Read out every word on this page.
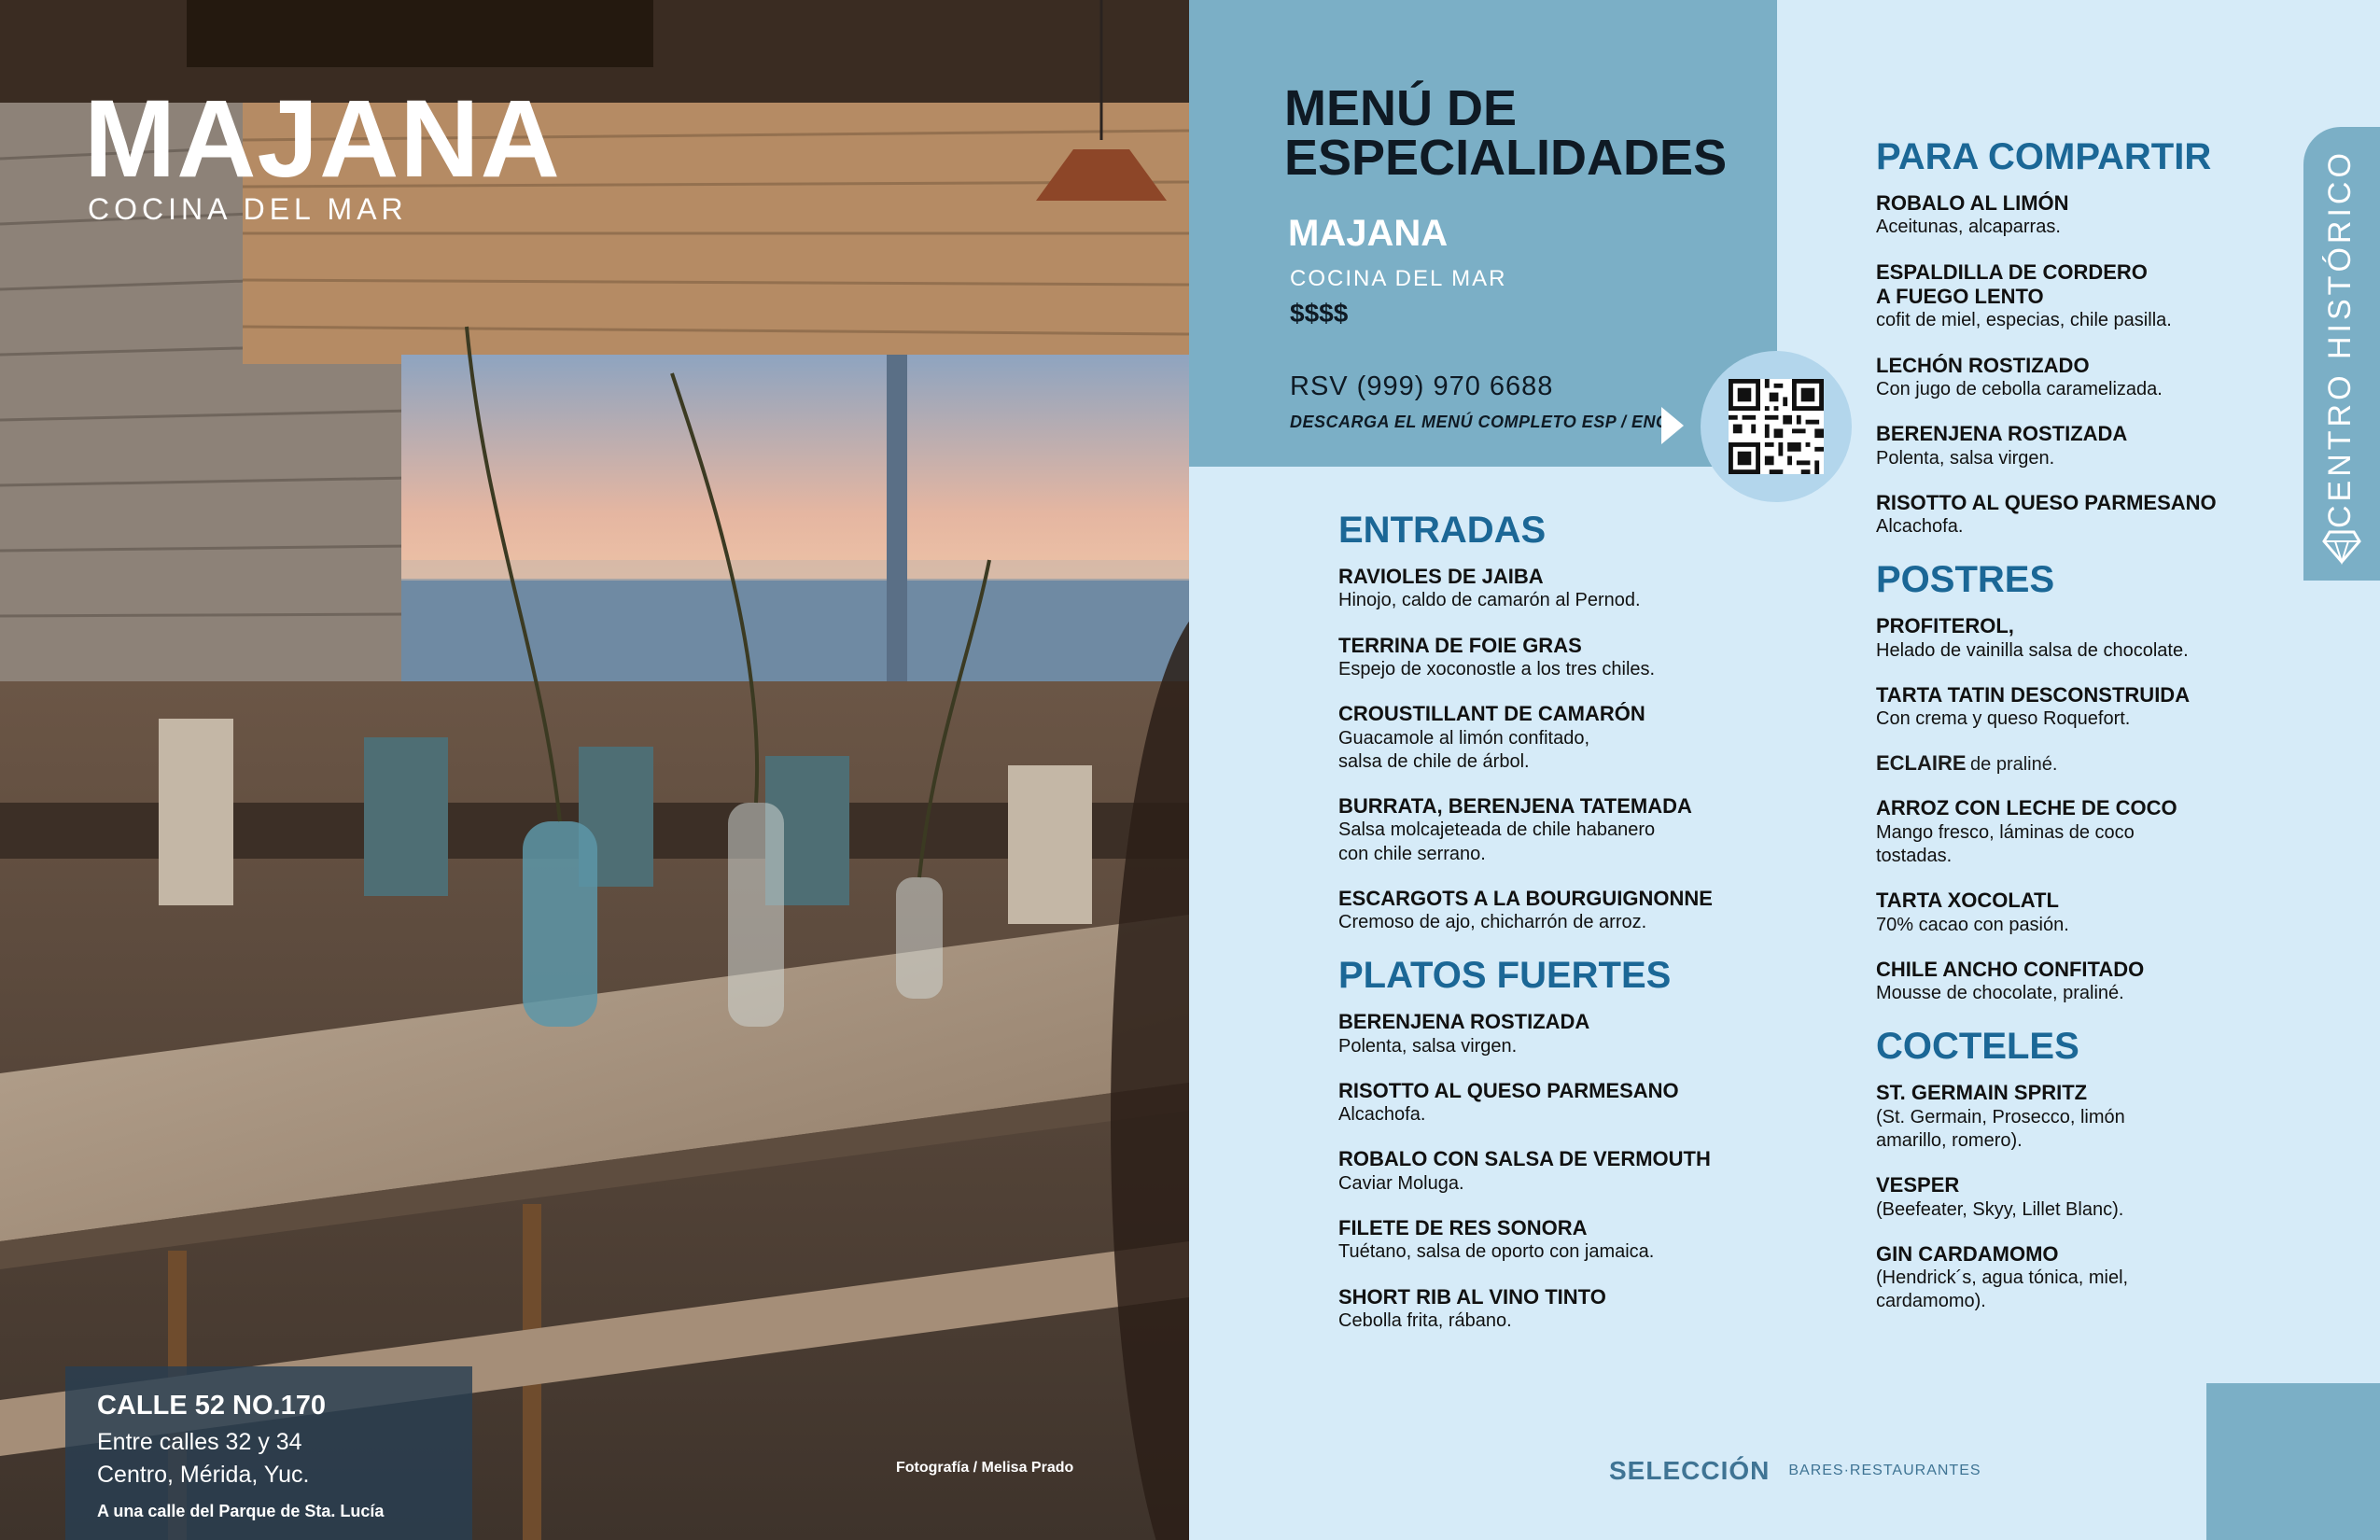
MAJANA
COCINA DEL MAR
CALLE 52 NO.170
Entre calles 32 y 34
Centro, Mérida, Yuc.
A una calle del Parque de Sta. Lucía
Fotografía / Melisa Prado
MENÚ DE ESPECIALIDADES
MAJANA
COCINA DEL MAR
$$$$
RSV (999) 970 6688
DESCARGA EL MENÚ COMPLETO ESP / ENG
ENTRADAS
RAVIOLES DE JAIBA
Hinojo, caldo de camarón al Pernod.
TERRINA DE FOIE GRAS
Espejo de xoconostle a los tres chiles.
CROUSTILLANT DE CAMARÓN
Guacamole al limón confitado,
salsa de chile de árbol.
BURRATA, BERENJENA TATEMADA
Salsa molcajeteada de chile habanero
con chile serrano.
ESCARGOTS A LA BOURGUIGNONNE
Cremoso de ajo, chicharrón de arroz.
PLATOS FUERTES
BERENJENA ROSTIZADA
Polenta, salsa virgen.
RISOTTO AL QUESO PARMESANO
Alcachofa.
ROBALO CON SALSA DE VERMOUTH
Caviar Moluga.
FILETE DE RES SONORA
Tuétano, salsa de oporto con jamaica.
SHORT RIB AL VINO TINTO
Cebolla frita, rábano.
PARA COMPARTIR
ROBALO AL LIMÓN
Aceitunas, alcaparras.
ESPALDILLA DE CORDERO
A FUEGO LENTO
cofit de miel, especias, chile pasilla.
LECHÓN ROSTIZADO
Con jugo de cebolla caramelizada.
BERENJENA ROSTIZADA
Polenta, salsa virgen.
RISOTTO AL QUESO PARMESANO
Alcachofa.
POSTRES
PROFITEROL,
Helado de vainilla salsa de chocolate.
TARTA TATIN DESCONSTRUIDA
Con crema y queso Roquefort.
ECLAIRE de praliné.
ARROZ CON LECHE DE COCO
Mango fresco, láminas de coco
tostadas.
TARTA XOCOLATL
70% cacao con pasión.
CHILE ANCHO CONFITADO
Mousse de chocolate, praliné.
COCTELES
ST. GERMAIN SPRITZ
(St. Germain, Prosecco, limón
amarillo, romero).
VESPER
(Beefeater, Skyy, Lillet Blanc).
GIN CARDAMOMO
(Hendrick´s, agua tónica, miel,
cardamomo).
CENTRO HISTÓRICO
SELECCIÓN BARES·RESTAURANTES
